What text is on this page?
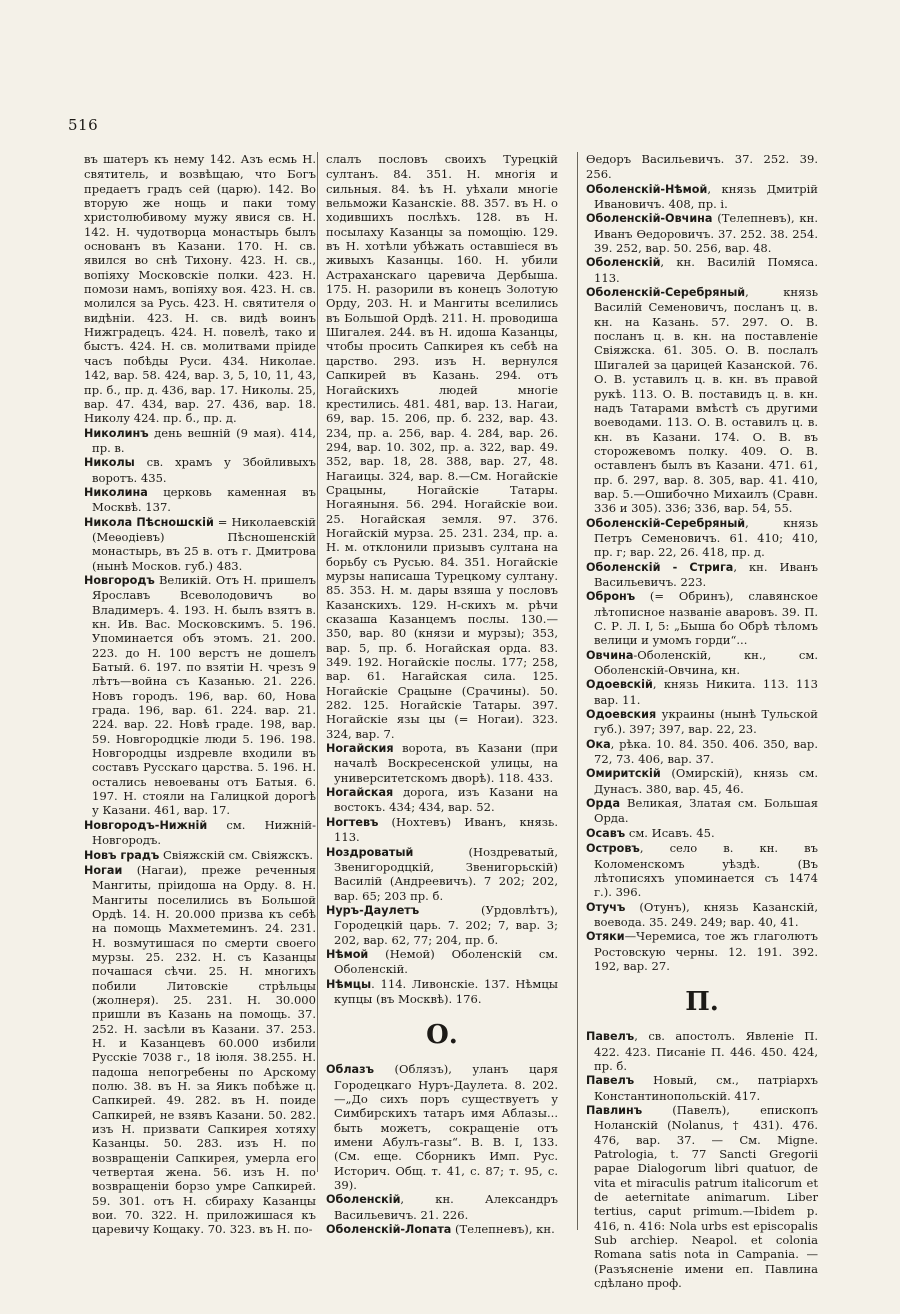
516

въ шатеръ къ нему 142. Азъ есмь Н. святитель, и возвѣщаю, что Богъ предаетъ градъ сей (царю). 142. Во вторую же нощь и паки тому христолюбивому мужу явися св. Н. 142. Н. чудотворца монастырь былъ основанъ въ Казани. 170. Н. св. явился во снѣ Тихону. 423. Н. св., вопiяху Московскiе полки. 423. Н. помози намъ, вопiяху воя. 423. Н. св. молился за Русь. 423. Н. святителя о видѣнiи. 423. Н. св. видѣ воинъ Нижградецъ. 424. Н. повелѣ, тако и быстъ. 424. Н. св. молитвами прiиде часъ побѣды Руси. 434. Николае. 142, вар. 58. 424, вар. 3, 5, 10, 11, 43, пр. б., пр. д. 436, вар. 17. Николы. 25, вар. 47. 434, вар. 27. 436, вар. 18. Николу 424. пр. б., пр. д.

Николинъ день вешнiй (9 мая). 414, пр. в.

Николы св. храмъ у Збойливыхъ воротъ. 435.

Николина церковь каменная въ Москвѣ. 137.

Никола Пѣсношскiй = Николаевскiй (Меѳодiевъ) Пѣсношенскiй монастырь, въ 25 в. отъ г. Дмитрова (нынѣ Москов. губ.) 483.

Новгородъ Великiй. Отъ Н. пришелъ Ярославъ Всеволодовичъ во Владимеръ. 4. 193. Н. былъ взятъ в. кн. Ив. Вас. Московскимъ. 5. 196. Упоминается объ этомъ. 21. 200. 223. до Н. 100 верстъ не дошелъ Батый. 6. 197. по взятiи Н. чрезъ 9 лѣтъ—война съ Казанью. 21. 226. Новъ городъ. 196, вар. 60, Нова града. 196, вар. 61. 224. вар. 21. 224. вар. 22. Новѣ граде. 198, вар. 59. Новгородцкiе люди 5. 196. 198. Новгородцы издревле входили въ составъ Русскаго царства. 5. 196. Н. остались невоеваны отъ Батыя. 6. 197. Н. стояли на Галицкой дорогѣ у Казани. 461, вар. 17.

Новгородъ-Нижнiй см. Нижнiй-Новгородъ.

Новъ градъ Свiяжскiй см. Свiяжскъ.

Ногаи (Нагаи), преже реченныя Мангиты, прiидоша на Орду. 8. Н. Мангиты поселились въ Большой Ордѣ. 14. Н. 20.000 призва къ себѣ на помощь Махметеминъ. 24. 231. Н. возмутишася по смерти своего мурзы. 25. 232. Н. съ Казанцы почашася сѣчи. 25. Н. многихъ побили Литовскiе стрѣльцы (жолнеря). 25. 231. Н. 30.000 пришли въ Казань на помощь. 37. 252. Н. засѣли въ Казани. 37. 253. Н. и Казанцевъ 60.000 избили Русскiе 7038 г., 18 iюля. 38.255. Н. падоша непогребены по Арскому полю. 38. въ Н. за Яикъ побѣже ц. Сапкирей. 49. 282. въ Н. поиде Сапкирей, не взявъ Казани. 50. 282. изъ Н. призвати Сапкирея хотяху Казанцы. 50. 283. изъ Н. по возвращенiи Сапкирея, умерла его четвертая жена. 56. изъ Н. по возвращенiи борзо умре Сапкирей. 59. 301. отъ Н. сбираху Казанцы вои. 70. 322. Н. приложишася къ царевичу Кощаку. 70. 323. въ Н. по-

слалъ пословъ своихъ Турецкiй султанъ. 84. 351. Н. многiя и сильныя. 84. ѣъ Н. уѣхали многiе вельможи Казанскiе. 88. 357. въ Н. о ходившихъ послѣхъ. 128. въ Н. посылаху Казанцы за помощiю. 129. въ Н. хотѣли убѣжать оставшiеся въ живыхъ Казанцы. 160. Н. убили Астраханскаго царевича Дербыша. 175. Н. разорили въ конецъ Золотую Орду, 203. Н. и Мангиты вселились въ Большой Ордѣ. 211. Н. проводиша Шигалея. 244. въ Н. идоша Казанцы, чтобы просить Сапкирея къ себѣ на царство. 293. изъ Н. вернулся Сапкирей въ Казань. 294. отъ Ногайскихъ людей многiе крестились. 481. 481, вар. 13. Нагаи, 69, вар. 15. 206, пр. б. 232, вар. 43. 234, пр. а. 256, вар. 4. 284, вар. 26. 294, вар. 10. 302, пр. а. 322, вар. 49. 352, вар. 18, 28. 388, вар. 27, 48. Нагаицы. 324, вар. 8.—См. Ногайскiе Срацыны, Ногайскiе Татары. Ногаяныня. 56. 294. Ногайскiе вои. 25. Ногайская земля. 97. 376. Ногайскiй мурза. 25. 231. 234, пр. а. Н. м. отклонили призывъ султана на борьбу съ Русью. 84. 351. Ногайскiе мурзы написаша Турецкому султану. 85. 353. Н. м. дары взяша у пословъ Казанскихъ. 129. Н-скихъ м. рѣчи сказаша Казанцемъ послы. 130.—350, вар. 80 (князи и мурзы); 353, вар. 5, пр. б. Ногайская орда. 83. 349. 192. Ногайскiе послы. 177; 258, вар. 61. Нагайская сила. 125. Ногайскiе Срацыне (Срачины). 50. 282. 125. Ногайскiе Татары. 397. Ногайскiе язы цы (= Ногаи). 323. 324, вар. 7.

Ногайския ворота, въ Казани (при началѣ Воскресенской улицы, на университетскомъ дворѣ). 118. 433.

Ногайская дорога, изъ Казани на востокъ. 434; 434, вар. 52.

Ногтевъ (Нохтевъ) Иванъ, князь. 113.

Ноздроватый (Ноздреватый, Звенигородцкiй, Звенигорьскiй) Василiй (Андреевичъ). 7 202; 202, вар. 65; 203 пр. б.

Нуръ-Даулетъ (Урдовлѣтъ), Городецкiй царь. 7. 202; 7, вар. 3; 202, вар. 62, 77; 204, пр. б.

Нѣмой (Немой) Оболенскiй см. Оболенскiй.

Нѣмцы. 114. Ливонскiе. 137. Нѣмцы купцы (въ Москвѣ). 176.

О.

Облазъ (Облязъ), уланъ царя Городецкаго Нуръ-Даулета. 8. 202.—„До сихъ поръ существуетъ у Симбирскихъ татаръ имя Аблазы... быть можетъ, сокращенiе отъ имени Абулъ-газы“. В. В. I, 133. (См. еще. Сборникъ Имп. Рус. Историч. Общ. т. 41, с. 87; т. 95, с. 39).

Оболенскiй, кн. Александръ Васильевичъ. 21. 226.

Оболенскiй-Лопата (Телепневъ), кн.

Ѳедоръ Васильевичъ. 37. 252. 39. 256.

Оболенскiй-Нѣмой, князь Дмитрiй Ивановичъ. 408, пр. i.

Оболенскiй-Овчина (Телепневъ), кн. Иванъ Ѳедоровичъ. 37. 252. 38. 254. 39. 252, вар. 50. 256, вар. 48.

Оболенскiй, кн. Василiй Помяса. 113.

Оболенскiй-Серебряный, князь Василiй Семеновичъ, посланъ ц. в. кн. на Казань. 57. 297. О. В. посланъ ц. в. кн. на поставленiе Свiяжска. 61. 305. О. В. послалъ Шигалей за царицей Казанской. 76. О. В. уставилъ ц. в. кн. въ правой рукѣ. 113. О. В. поставидъ ц. в. кн. надъ Татарами вмѣстѣ съ другими воеводами. 113. О. В. оставилъ ц. в. кн. въ Казани. 174. О. В. въ сторожевомъ полку. 409. О. В. оставленъ былъ въ Казани. 471. 61, пр. б. 297, вар. 8. 305, вар. 41. 410, вар. 5.—Ошибочно Михаилъ (Сравн. 336 и 305). 336; 336, вар. 54, 55.

Оболенскiй-Серебряный, князь Петръ Семеновичъ. 61. 410; 410, пр. г; вар. 22, 26. 418, пр. д.

Оболенскiй - Стрига, кн. Иванъ Васильевичъ. 223.

Обронъ (= Обринъ), славянское лѣтописное названiе аваровъ. 39. П. С. Р. Л. I, 5: „Быша бо Обрѣ тѣломъ велици и умомъ горди“...

Овчина-Оболенскiй, кн., см. Оболенскiй-Овчина, кн.

Одоевскiй, князь Никита. 113. 113 вар. 11.

Одоевския украины (нынѣ Тульской губ.). 397; 397, вар. 22, 23.

Ока, рѣка. 10. 84. 350. 406. 350, вар. 72, 73. 406, вар. 37.

Омиритскiй (Омирскiй), князь см. Дунасъ. 380, вар. 45, 46.

Орда Великая, Златая см. Большая Орда.

Осавъ см. Исавъ. 45.

Островъ, село в. кн. въ Коломенскомъ уѣздѣ. (Въ лѣтописяхъ упоминается съ 1474 г.). 396.

Отучъ (Отунъ), князь Казанскiй, воевода. 35. 249. 249; вар. 40, 41.

Отяки—Черемиса, тое жъ глаголютъ Ростовскую черны. 12. 191. 392. 192, вар. 27.

П.

Павелъ, св. апостолъ. Явленiе П. 422. 423. Писанiе П. 446. 450. 424, пр. б.

Павелъ Новый, см., патрiархъ Константинопольскiй. 417.

Павлинъ (Павелъ), епископъ Ноланскiй (Nolanus, † 431). 476. 476, вар. 37. — См. Migne. Patrologia, t. 77 Sancti Gregorii papae Dialogorum libri quatuor, de vita et miraculis patrum italicorum et de aeternitate animarum. Liber tertius, caput primum.—Ibidem p. 416, n. 416: Nola urbs est episcopalis Sub archiep. Neapol. et colonia Romana satis nota in Campania. — (Разъясненiе имени еп. Павлина сдѣлано проф.
